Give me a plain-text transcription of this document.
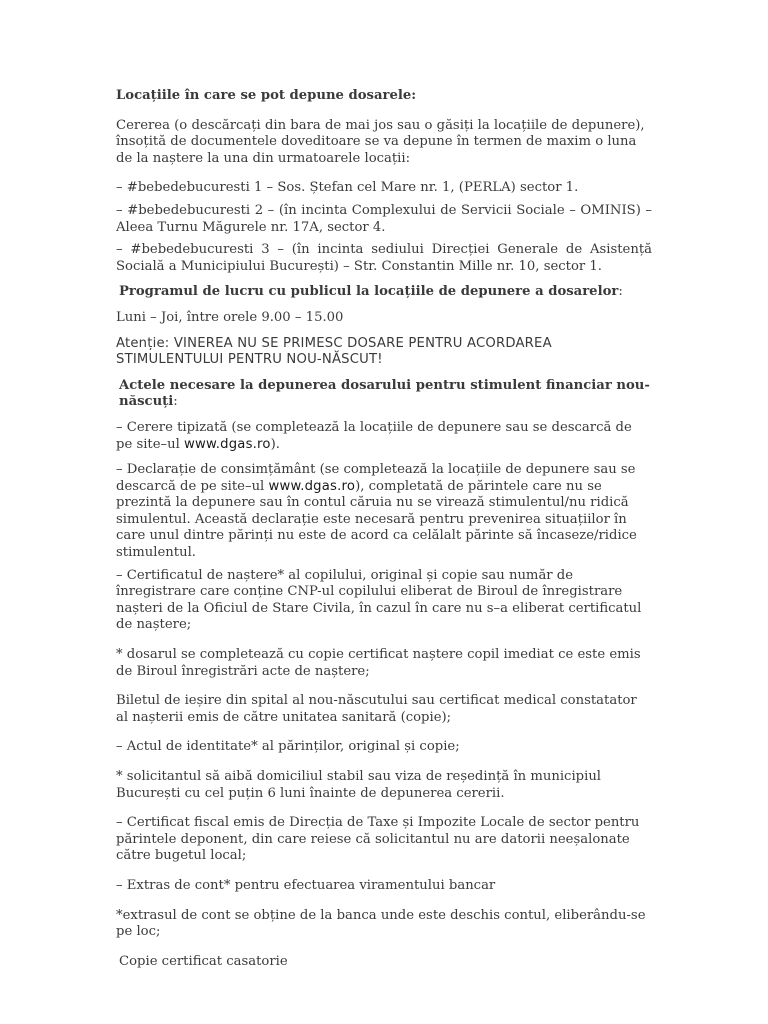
Locațiile în care se pot depune dosarele:

Cererea (o descărcați din bara de mai jos sau o găsiți la locațiile de depunere), însoțită de documentele doveditoare se va depune în termen de maxim o luna de la naștere la una din urmatoarele locații:

– #bebedebucuresti 1 – Sos. Ștefan cel Mare nr. 1, (PERLA) sector 1.

– #bebedebucuresti 2 – (în incinta Complexului de Servicii Sociale – OMINIS) – Aleea Turnu Măgurele nr. 17A, sector 4.

– #bebedebucuresti 3 – (în incinta sediului Direcției Generale de Asistență Socială a Municipiului București) – Str. Constantin Mille nr. 10, sector 1.

Programul de lucru cu publicul la locațiile de depunere a dosarelor:

Luni – Joi, între orele 9.00 – 15.00

Atenție: VINEREA NU SE PRIMESC DOSARE PENTRU ACORDAREA STIMULENTULUI PENTRU NOU-NĂSCUT!

Actele necesare la depunerea dosarului pentru stimulent financiar nou-născuți:

– Cerere tipizată (se completează la locațiile de depunere sau se descarcă de pe site–ul www.dgas.ro).

– Declarație de consimțământ (se completează la locațiile de depunere sau se descarcă de pe site–ul www.dgas.ro), completată de părintele care nu se prezintă la depunere sau în contul căruia nu se virează stimulentul/nu ridică simulentul. Această declarație este necesară pentru prevenirea situațiilor în care unul dintre părinți nu este de acord ca celălalt părinte să încaseze/ridice stimulentul.

– Certificatul de naștere* al copilului, original și copie sau număr de înregistrare care conține CNP-ul copilului eliberat de Biroul de înregistrare nașteri de la Oficiul de Stare Civila, în cazul în care nu s–a eliberat certificatul de naștere;

* dosarul se completează cu copie certificat naștere copil imediat ce este emis de Biroul înregistrări acte de naștere;

Biletul de ieșire din spital al nou-născutului sau certificat medical constatator al nașterii emis de către unitatea sanitară (copie);

– Actul de identitate* al părinților, original și copie;

* solicitantul să aibă domiciliul stabil sau viza de reședință în municipiul București cu cel puțin 6 luni înainte de depunerea cererii.

– Certificat fiscal emis de Direcția de Taxe și Impozite Locale de sector pentru părintele deponent, din care reiese că solicitantul nu are datorii neeșalonate către bugetul local;

– Extras de cont* pentru efectuarea viramentului bancar

*extrasul de cont se obține de la banca unde este deschis contul, eliberându-se pe loc;

Copie certificat casatorie
